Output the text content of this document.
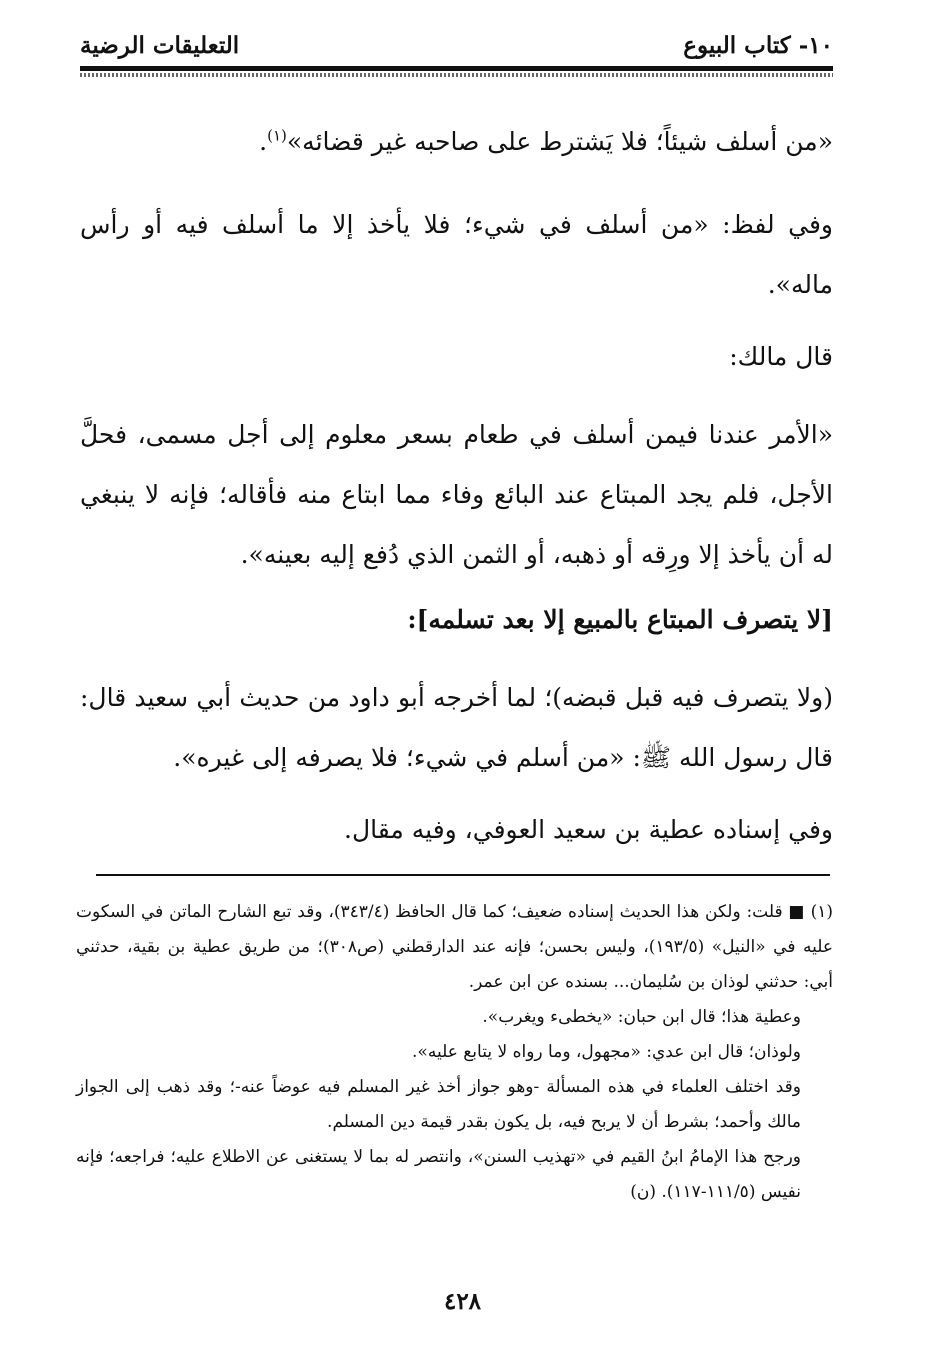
١٠- كتاب البيوع
التعليقات الرضية

«من أسلف شيئاً؛ فلا يَشترط على صاحبه غير قضائه»$^{(١)}$.

وفي لفظ: «من أسلف في شيء؛ فلا يأخذ إلا ما أسلف فيه أو رأس ماله».

قال مالك:

«الأمر عندنا فيمن أسلف في طعام بسعر معلوم إلى أجل مسمى، فحلَّ الأجل، فلم يجد المبتاع عند البائع وفاء مما ابتاع منه فأقاله؛ فإنه لا ينبغي له أن يأخذ إلا ورِقه أو ذهبه، أو الثمن الذي دُفع إليه بعينه».

[لا يتصرف المبتاع بالمبيع إلا بعد تسلمه]:

(ولا يتصرف فيه قبل قبضه)؛ لما أخرجه أبو داود من حديث أبي سعيد قال: قال رسول الله ﷺ: «من أسلم في شيء؛ فلا يصرفه إلى غيره».

وفي إسناده عطية بن سعيد العوفي، وفيه مقال.

(١) ■ قلت: ولكن هذا الحديث إسناده ضعيف؛ كما قال الحافظ (٣٤٣/٤)، وقد تبع الشارح الماتن في السكوت عليه في «النيل» (١٩٣/٥)، وليس بحسن؛ فإنه عند الدارقطني (ص٣٠٨)؛ من طريق عطية بن بقية، حدثني أبي: حدثني لوذان بن سُليمان... بسنده عن ابن عمر.

وعطية هذا؛ قال ابن حبان: «يخطىء ويغرب».

ولوذان؛ قال ابن عدي: «مجهول، وما رواه لا يتابع عليه».

وقد اختلف العلماء في هذه المسألة -وهو جواز أخذ غير المسلم فيه عوضاً عنه-؛ وقد ذهب إلى الجواز مالك وأحمد؛ بشرط أن لا يربح فيه، بل يكون بقدر قيمة دين المسلم.

ورجح هذا الإمامُ ابنُ القيم في «تهذيب السنن»، وانتصر له بما لا يستغنى عن الاطلاع عليه؛ فراجعه؛ فإنه نفيس (١١١/٥-١١٧). (ن)

٤٢٨
